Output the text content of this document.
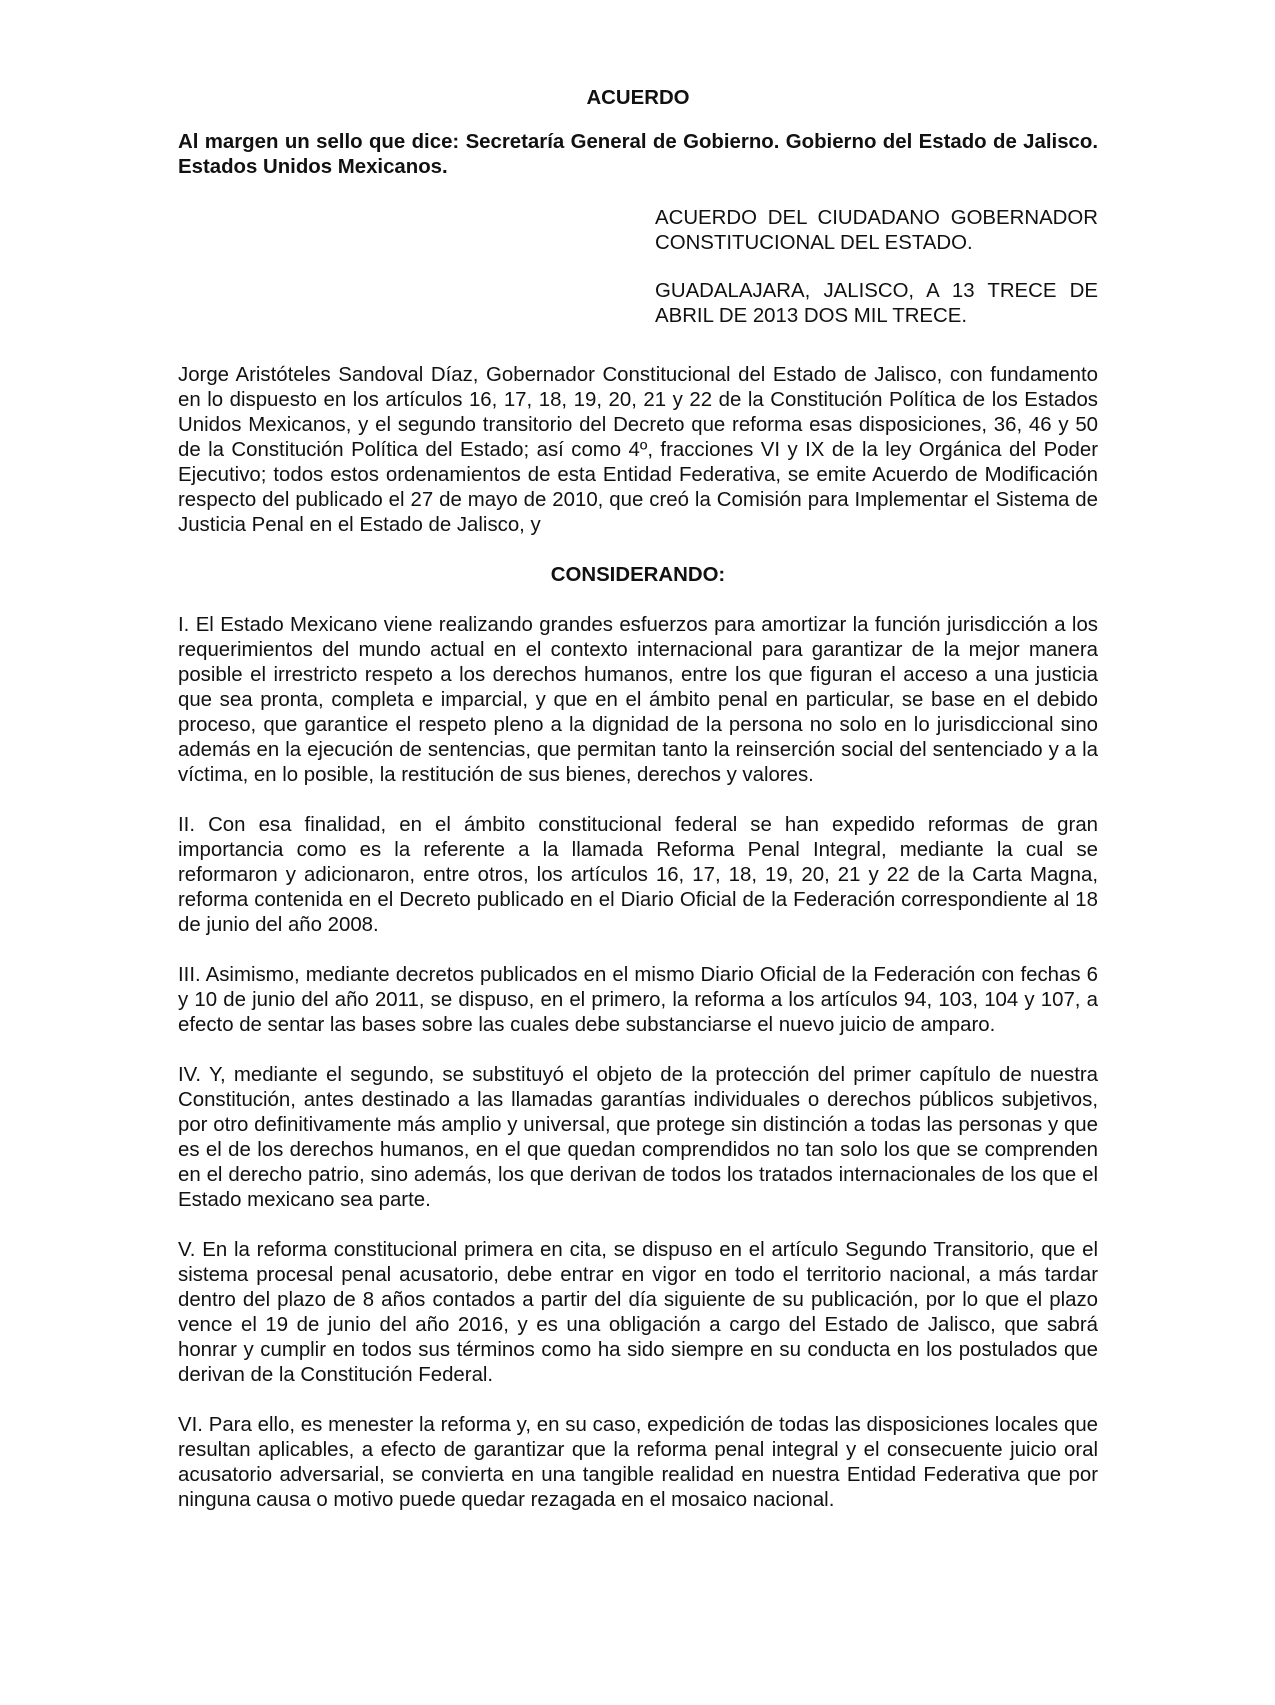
ACUERDO
Al margen un sello que dice: Secretaría General de Gobierno. Gobierno del Estado de Jalisco. Estados Unidos Mexicanos.

ACUERDO DEL CIUDADANO GOBERNADOR CONSTITUCIONAL DEL ESTADO.

GUADALAJARA, JALISCO, A 13 TRECE DE ABRIL DE 2013 DOS MIL TRECE.

Jorge Aristóteles Sandoval Díaz, Gobernador Constitucional del Estado de Jalisco, con fundamento en lo dispuesto en los artículos 16, 17, 18, 19, 20, 21 y 22 de la Constitución Política de los Estados Unidos Mexicanos, y el segundo transitorio del Decreto que reforma esas disposiciones, 36, 46 y 50 de la Constitución Política del Estado; así como 4º, fracciones VI y IX de la ley Orgánica del Poder Ejecutivo; todos estos ordenamientos de esta Entidad Federativa, se emite Acuerdo de Modificación respecto del publicado el 27 de mayo de 2010, que creó la Comisión para Implementar el Sistema de Justicia Penal en el Estado de Jalisco, y

CONSIDERANDO:

I. El Estado Mexicano viene realizando grandes esfuerzos para amortizar la función jurisdicción a los requerimientos del mundo actual en el contexto internacional para garantizar de la mejor manera posible el irrestricto respeto a los derechos humanos, entre los que figuran el acceso a una justicia que sea pronta, completa e imparcial, y que en el ámbito penal en particular, se base en el debido proceso, que garantice el respeto pleno a la dignidad de la persona no solo en lo jurisdiccional sino además en la ejecución de sentencias, que permitan tanto la reinserción social del sentenciado y a la víctima, en lo posible, la restitución de sus bienes, derechos y valores.

II. Con esa finalidad, en el ámbito constitucional federal se han expedido reformas de gran importancia como es la referente a la llamada Reforma Penal Integral, mediante la cual se reformaron y adicionaron, entre otros, los artículos 16, 17, 18, 19, 20, 21 y 22 de la Carta Magna, reforma contenida en el Decreto publicado en el Diario Oficial de la Federación correspondiente al 18 de junio del año 2008.

III. Asimismo, mediante decretos publicados en el mismo Diario Oficial de la Federación con fechas 6 y 10 de junio del año 2011, se dispuso, en el primero, la reforma a los artículos 94, 103, 104 y 107, a efecto de sentar las bases sobre las cuales debe substanciarse el nuevo juicio de amparo.

IV. Y, mediante el segundo, se substituyó el objeto de la protección del primer capítulo de nuestra Constitución, antes destinado a las llamadas garantías individuales o derechos públicos subjetivos, por otro definitivamente más amplio y universal, que protege sin distinción a todas las personas y que es el de los derechos humanos, en el que quedan comprendidos no tan solo los que se comprenden en el derecho patrio, sino además, los que derivan de todos los tratados internacionales de los que el Estado mexicano sea parte.

V. En la reforma constitucional primera en cita, se dispuso en el artículo Segundo Transitorio, que el sistema procesal penal acusatorio, debe entrar en vigor en todo el territorio nacional, a más tardar dentro del plazo de 8 años contados a partir del día siguiente de su publicación, por lo que el plazo vence el 19 de junio del año 2016, y es una obligación a cargo del Estado de Jalisco, que sabrá honrar y cumplir en todos sus términos como ha sido siempre en su conducta en los postulados que derivan de la Constitución Federal.

VI. Para ello, es menester la reforma y, en su caso, expedición de todas las disposiciones locales que resultan aplicables, a efecto de garantizar que la reforma penal integral y el consecuente juicio oral acusatorio adversarial, se convierta en una tangible realidad en nuestra Entidad Federativa que por ninguna causa o motivo puede quedar rezagada en el mosaico nacional.
